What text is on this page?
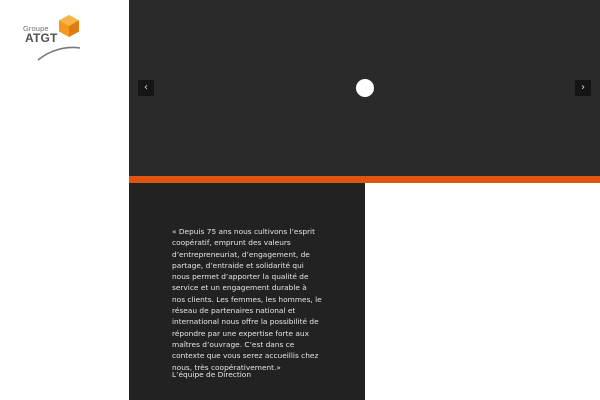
Groupe
ATGT
‹	›

« Depuis 75 ans nous cultivons l’esprit coopératif, emprunt des valeurs d’entrepreneuriat, d’engagement, de partage, d’entraide et solidarité qui nous permet d’apporter la qualité de service et un engagement durable à nos clients. Les femmes, les hommes, le réseau de partenaires national et international nous offre la possibilité de répondre par une expertise forte aux maîtres d’ouvrage. C’est dans ce contexte que vous serez accueillis chez nous, très coopérativement.»

L’équipe de Direction
